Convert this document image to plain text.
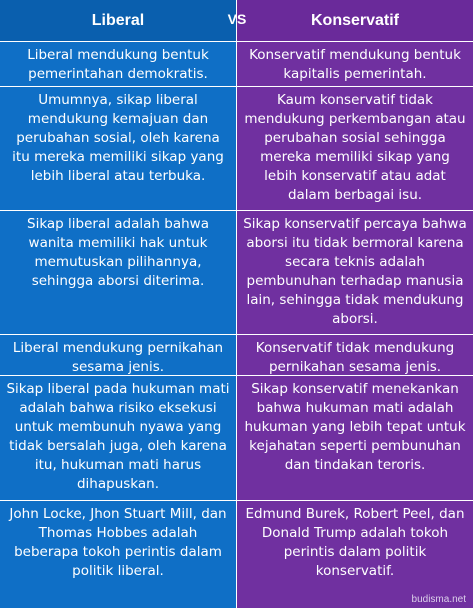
Liberal	Konservatif
Liberal mendukung bentuk pemerintahan demokratis.
Konservatif mendukung bentuk kapitalis pemerintah.
Umumnya, sikap liberal mendukung kemajuan dan perubahan sosial, oleh karena itu mereka memiliki sikap yang lebih liberal atau terbuka.
Kaum konservatif tidak mendukung perkembangan atau perubahan sosial sehingga mereka memiliki sikap yang lebih konservatif atau adat dalam berbagai isu.
Sikap liberal adalah bahwa wanita memiliki hak untuk memutuskan pilihannya, sehingga aborsi diterima.
Sikap konservatif percaya bahwa aborsi itu tidak bermoral karena secara teknis adalah pembunuhan terhadap manusia lain, sehingga tidak mendukung aborsi.
Liberal mendukung pernikahan sesama jenis.
Konservatif tidak mendukung pernikahan sesama jenis.
Sikap liberal pada hukuman mati adalah bahwa risiko eksekusi untuk membunuh nyawa yang tidak bersalah juga, oleh karena itu, hukuman mati harus dihapuskan.
Sikap konservatif menekankan bahwa hukuman mati adalah hukuman yang lebih tepat untuk kejahatan seperti pembunuhan dan tindakan teroris.
John Locke, Jhon Stuart Mill, dan Thomas Hobbes adalah beberapa tokoh perintis dalam politik liberal.
Edmund Burek, Robert Peel, dan Donald Trump adalah tokoh perintis dalam politik konservatif.
VS
budisma.net
